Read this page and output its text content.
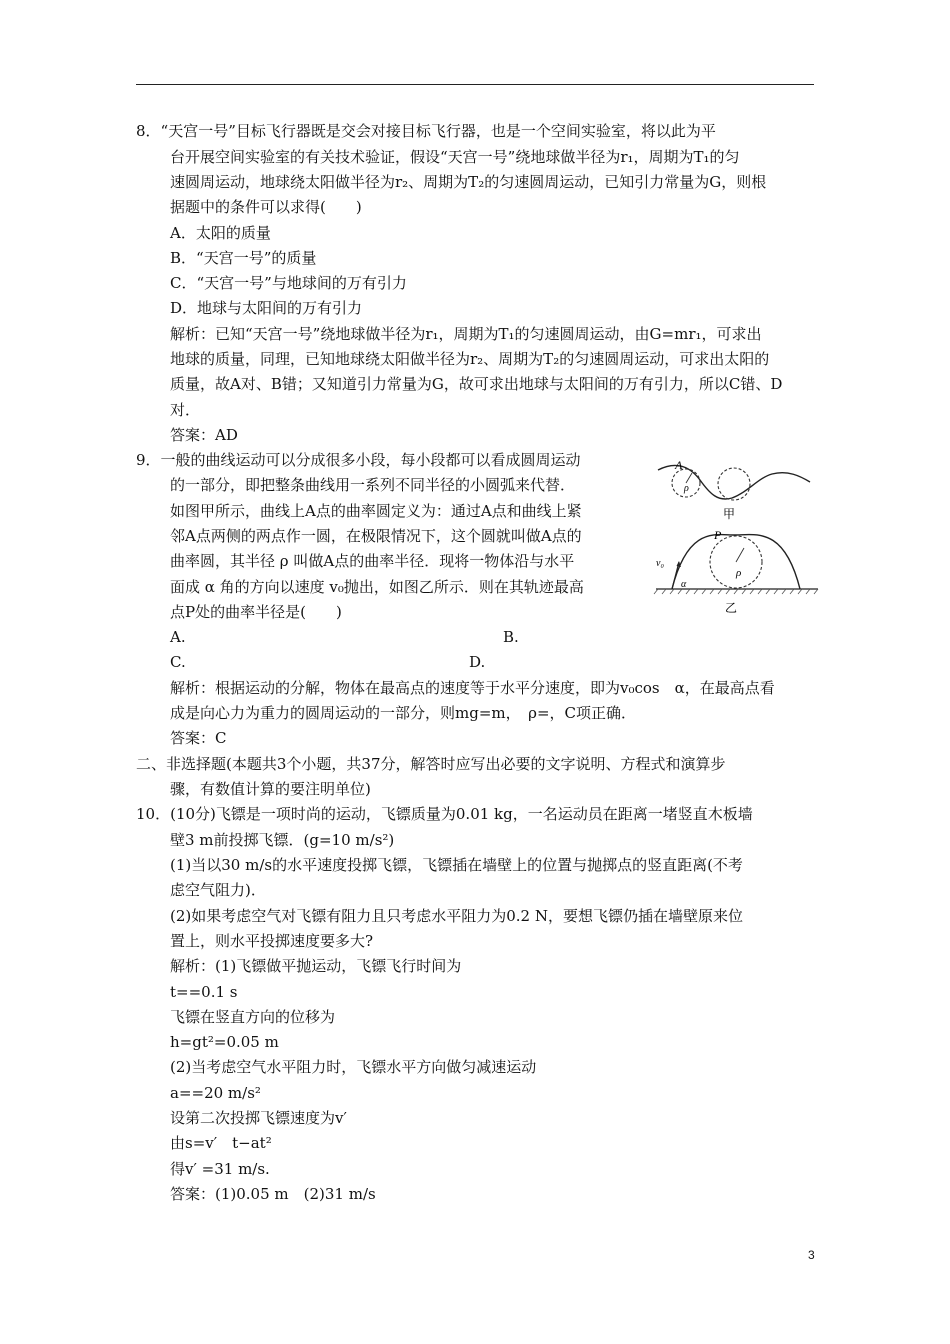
8．“天宫一号”目标飞行器既是交会对接目标飞行器，也是一个空间实验室，将以此为平
台开展空间实验室的有关技术验证，假设“天宫一号”绕地球做半径为r₁，周期为T₁的匀
速圆周运动，地球绕太阳做半径为r₂、周期为T₂的匀速圆周运动，已知引力常量为G，则根
据题中的条件可以求得(　　)
A．太阳的质量
B．“天宫一号”的质量
C．“天宫一号”与地球间的万有引力
D．地球与太阳间的万有引力
解析：已知“天宫一号”绕地球做半径为r₁，周期为T₁的匀速圆周运动，由G=mr₁，可求出
地球的质量，同理，已知地球绕太阳做半径为r₂、周期为T₂的匀速圆周运动，可求出太阳的
质量，故A对、B错；又知道引力常量为G，故可求出地球与太阳间的万有引力，所以C错、D
对．
答案：AD
9．一般的曲线运动可以分成很多小段，每小段都可以看成圆周运动
的一部分，即把整条曲线用一系列不同半径的小圆弧来代替．
如图甲所示，曲线上A点的曲率圆定义为：通过A点和曲线上紧
邻A点两侧的两点作一圆，在极限情况下，这个圆就叫做A点的
曲率圆，其半径 ρ 叫做A点的曲率半径．现将一物体沿与水平
面成 α 角的方向以速度 v₀抛出，如图乙所示．则在其轨迹最高
点P处的曲率半径是(　　)
A.	B.
C.	D.
解析：根据运动的分解，物体在最高点的速度等于水平分速度，即为v₀cos　α，在最高点看
成是向心力为重力的圆周运动的一部分，则mg=m，　ρ=，C项正确．
答案：C
二、非选择题(本题共3个小题，共37分，解答时应写出必要的文字说明、方程式和演算步
骤，有数值计算的要注明单位)
10．(10分)飞镖是一项时尚的运动，飞镖质量为0.01 kg，一名运动员在距离一堵竖直木板墙
壁3 m前投掷飞镖．(g=10 m/s²)
(1)当以30 m/s的水平速度投掷飞镖，飞镖插在墙壁上的位置与抛掷点的竖直距离(不考
虑空气阻力)．
(2)如果考虑空气对飞镖有阻力且只考虑水平阻力为0.2 N，要想飞镖仍插在墙壁原来位
置上，则水平投掷速度要多大?
解析：(1)飞镖做平抛运动，飞镖飞行时间为
t==0.1 s
飞镖在竖直方向的位移为
h=gt²=0.05 m
(2)当考虑空气水平阻力时，飞镖水平方向做匀减速运动
a==20 m/s²
设第二次投掷飞镖速度为v′
由s=v′　t−at²
得v′ =31 m/s.
答案：(1)0.05 m　(2)31 m/s
A
ρ
甲
P
v₀
α
ρ
乙
3
